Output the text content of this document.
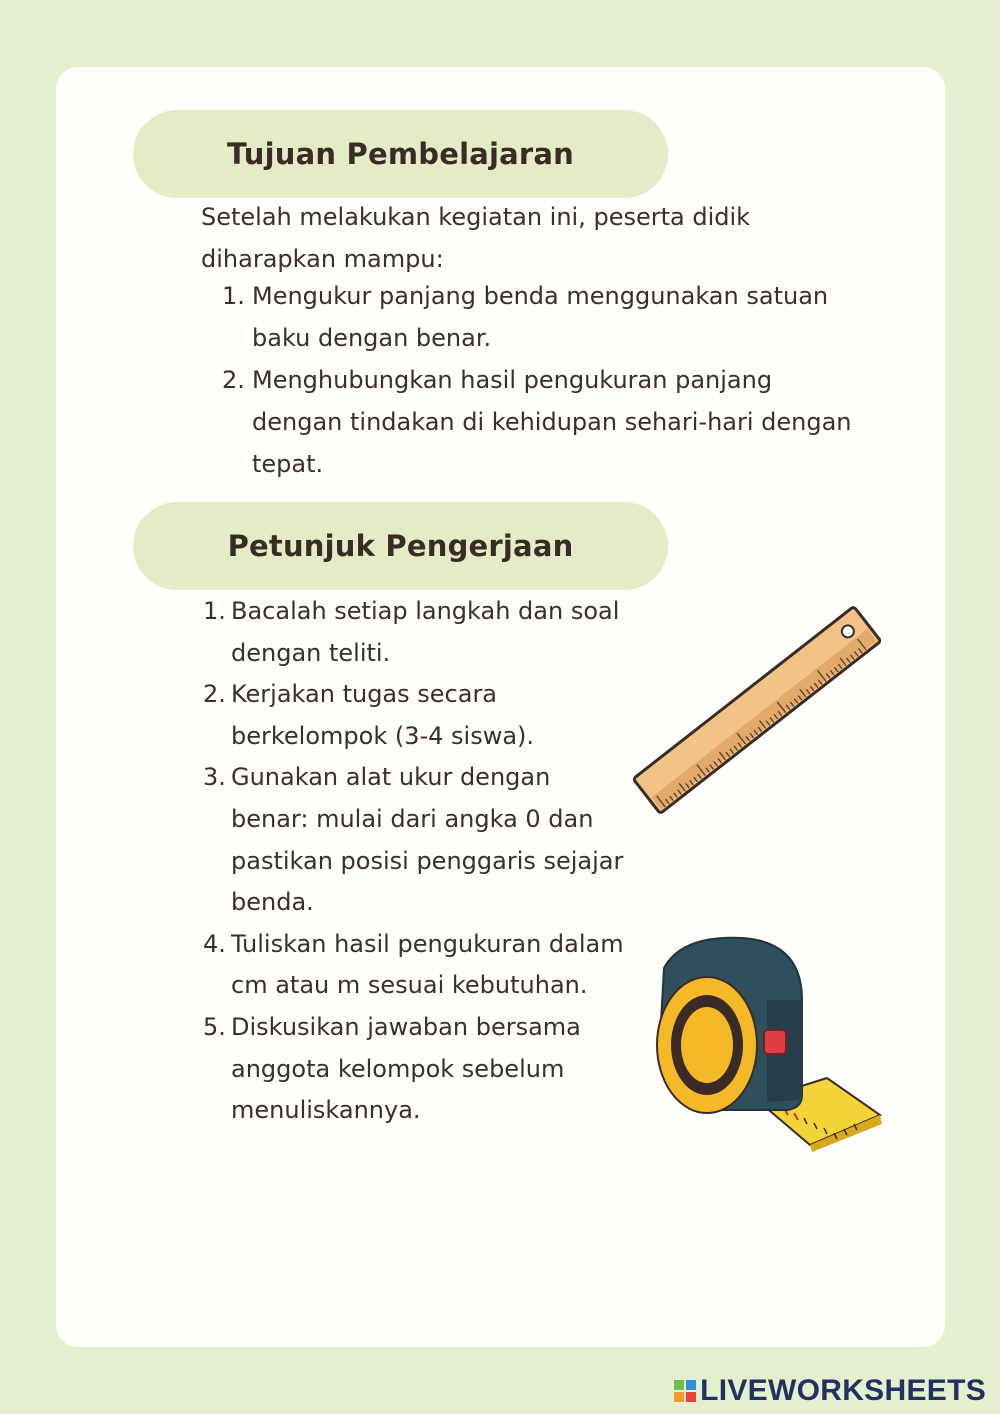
Tujuan Pembelajaran

Setelah melakukan kegiatan ini, peserta didik diharapkan mampu:

1. Mengukur panjang benda menggunakan satuan baku dengan benar.
2. Menghubungkan hasil pengukuran panjang dengan tindakan di kehidupan sehari-hari dengan tepat.
Petunjuk Pengerjaan
1. Bacalah setiap langkah dan soal dengan teliti.
2. Kerjakan tugas secara berkelompok (3-4 siswa).
3. Gunakan alat ukur dengan benar: mulai dari angka 0 dan pastikan posisi penggaris sejajar benda.
4. Tuliskan hasil pengukuran dalam cm atau m sesuai kebutuhan.
5. Diskusikan jawaban bersama anggota kelompok sebelum menuliskannya.
LIVEWORKSHEETS
